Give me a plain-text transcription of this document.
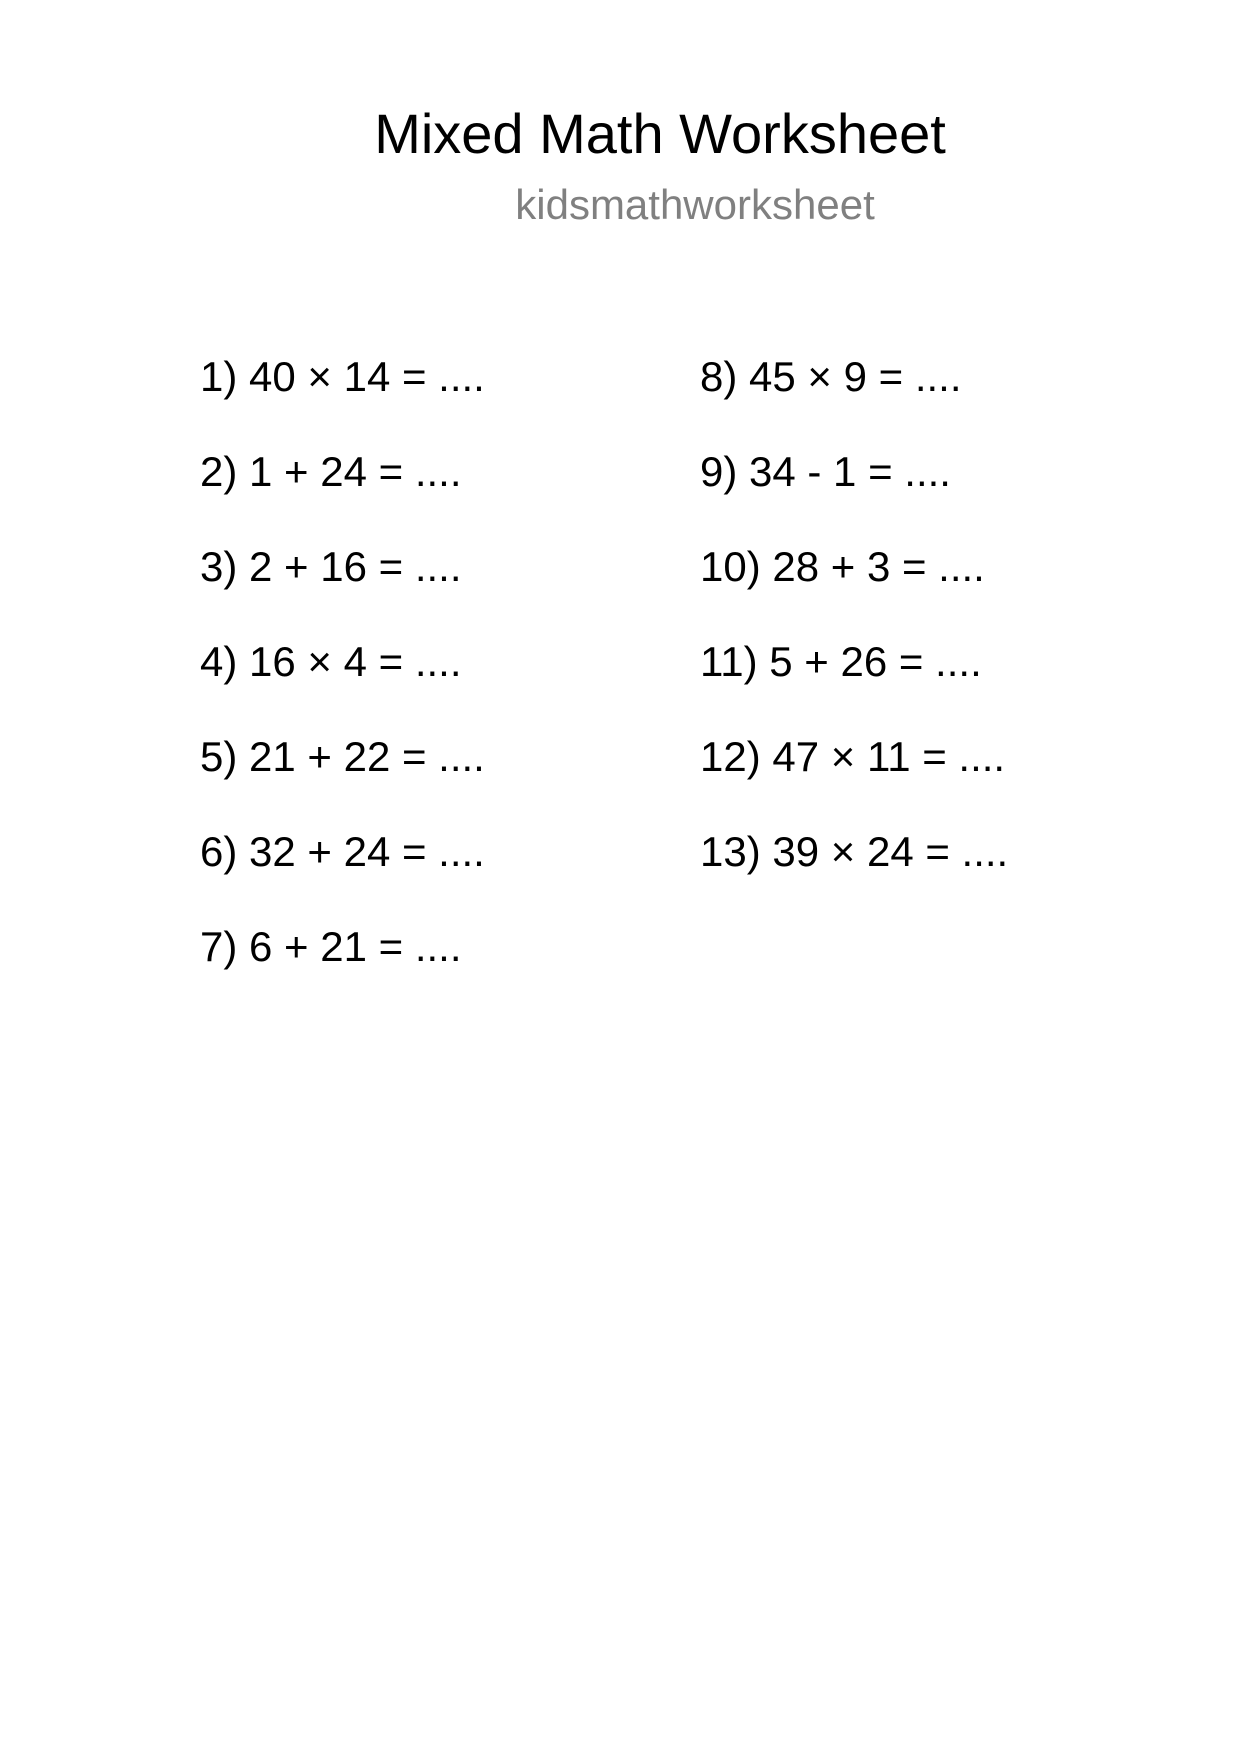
Mixed Math Worksheet
kidsmathworksheet
1) 40 × 14 = ....
2) 1 + 24 = ....
3) 2 + 16 = ....
4) 16 × 4 = ....
5) 21 + 22 = ....
6) 32 + 24 = ....
7) 6 + 21 = ....
8) 45 × 9 = ....
9) 34 - 1 = ....
10) 28 + 3 = ....
11) 5 + 26 = ....
12) 47 × 11 = ....
13) 39 × 24 = ....
